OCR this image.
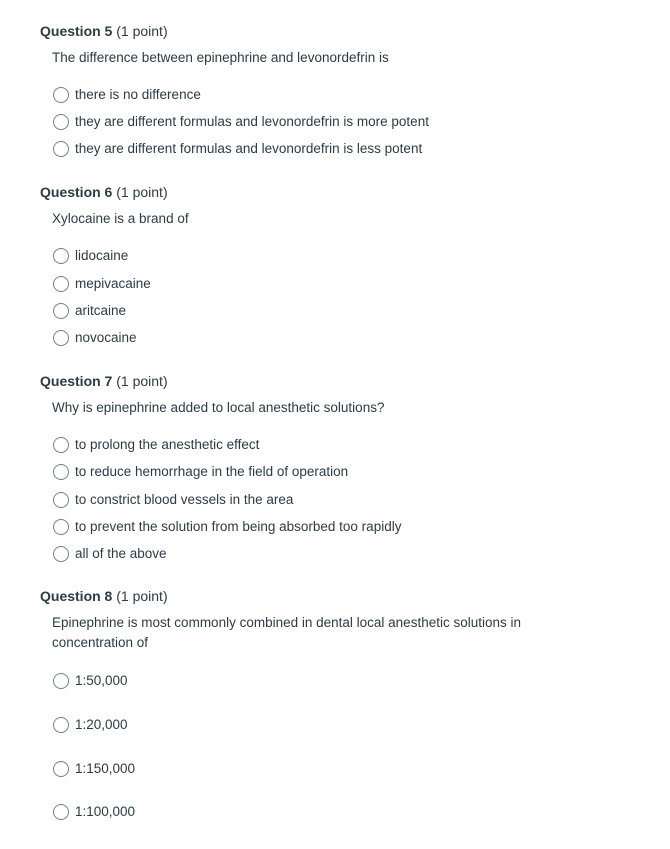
Question 5 (1 point)
The difference between epinephrine and levonordefrin is
there is no difference
they are different formulas and levonordefrin is more potent
they are different formulas and levonordefrin is less potent
Question 6 (1 point)
Xylocaine is a brand of
lidocaine
mepivacaine
aritcaine
novocaine
Question 7 (1 point)
Why is epinephrine added to local anesthetic solutions?
to prolong the anesthetic effect
to reduce hemorrhage in the field of operation
to constrict blood vessels in the area
to prevent the solution from being absorbed too rapidly
all of the above
Question 8 (1 point)
Epinephrine is most commonly combined in dental local anesthetic solutions in concentration of
1:50,000
1:20,000
1:150,000
1:100,000
